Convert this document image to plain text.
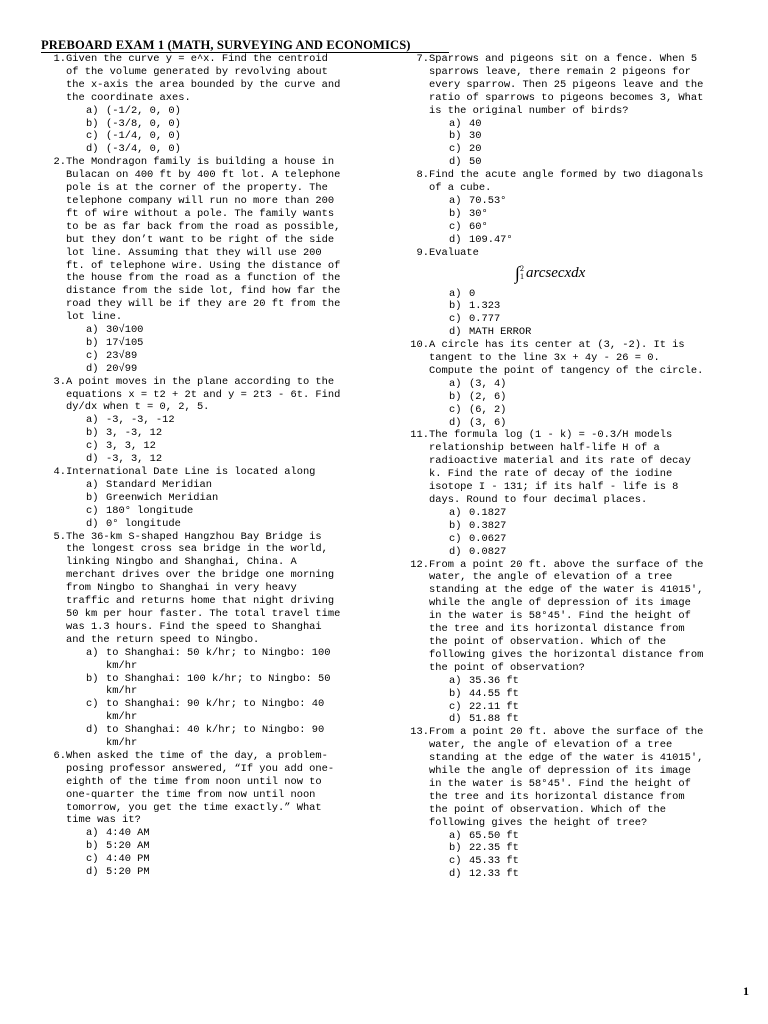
PREBOARD EXAM 1 (MATH, SURVEYING AND ECONOMICS)
1. Given the curve y = e^x. Find the centroid of the volume generated by revolving about the x-axis the area bounded by the curve and the coordinate axes.
a) (-1/2, 0, 0)
b) (-3/8, 0, 0)
c) (-1/4, 0, 0)
d) (-3/4, 0, 0)
2. The Mondragon family is building a house in Bulacan on 400 ft by 400 ft lot. A telephone pole is at the corner of the property. The telephone company will run no more than 200 ft of wire without a pole. The family wants to be as far back from the road as possible, but they don’t want to be right of the side lot line. Assuming that they will use 200 ft. of telephone wire. Using the distance of the house from the road as a function of the distance from the side lot, find how far the road they will be if they are 20 ft from the lot line.
a) 30√100
b) 17√105
c) 23√89
d) 20√99
3. A point moves in the plane according to the equations x = t2 + 2t and y = 2t3 - 6t. Find dy/dx when t = 0, 2, 5.
a) -3, -3, -12
b) 3, -3, 12
c) 3, 3, 12
d) -3, 3, 12
4. International Date Line is located along
a) Standard Meridian
b) Greenwich Meridian
c) 180° longitude
d) 0° longitude
5. The 36-km S-shaped Hangzhou Bay Bridge is the longest cross sea bridge in the world, linking Ningbo and Shanghai, China. A merchant drives over the bridge one morning from Ningbo to Shanghai in very heavy traffic and returns home that night driving 50 km per hour faster. The total travel time was 1.3 hours. Find the speed to Shanghai and the return speed to Ningbo.
a) to Shanghai: 50 k/hr; to Ningbo: 100 km/hr
b) to Shanghai: 100 k/hr; to Ningbo: 50 km/hr
c) to Shanghai: 90 k/hr; to Ningbo: 40 km/hr
d) to Shanghai: 40 k/hr; to Ningbo: 90 km/hr
6. When asked the time of the day, a problem-posing professor answered, “If you add one-eighth of the time from noon until now to one-quarter the time from now until noon tomorrow, you get the time exactly.” What time was it?
a) 4:40 AM
b) 5:20 AM
c) 4:40 PM
d) 5:20 PM
7. Sparrows and pigeons sit on a fence. When 5 sparrows leave, there remain 2 pigeons for every sparrow. Then 25 pigeons leave and the ratio of sparrows to pigeons becomes 3, What is the original number of birds?
a) 40
b) 30
c) 20
d) 50
8. Find the acute angle formed by two diagonals of a cube.
a) 70.53°
b) 30°
c) 60°
d) 109.47°
9. Evaluate
∫ 2
1 arcsecxdx
a) 0
b) 1.323
c) 0.777
d) MATH ERROR
10. A circle has its center at (3, -2). It is tangent to the line 3x + 4y - 26 = 0. Compute the point of tangency of the circle.
a) (3, 4)
b) (2, 6)
c) (6, 2)
d) (3, 6)
11. The formula log (1 - k) = -0.3/H models relationship between half-life H of a radioactive material and its rate of decay k. Find the rate of decay of the iodine isotope I - 131; if its half - life is 8 days. Round to four decimal places.
a) 0.1827
b) 0.3827
c) 0.0627
d) 0.0827
12. From a point 20 ft. above the surface of the water, the angle of elevation of a tree standing at the edge of the water is 41015', while the angle of depression of its image in the water is 58°45'. Find the height of the tree and its horizontal distance from the point of observation. Which of the following gives the horizontal distance from the point of observation?
a) 35.36 ft
b) 44.55 ft
c) 22.11 ft
d) 51.88 ft
13. From a point 20 ft. above the surface of the water, the angle of elevation of a tree standing at the edge of the water is 41015', while the angle of depression of its image in the water is 58°45'. Find the height of the tree and its horizontal distance from the point of observation. Which of the following gives the height of tree?
a) 65.50 ft
b) 22.35 ft
c) 45.33 ft
d) 12.33 ft
1
